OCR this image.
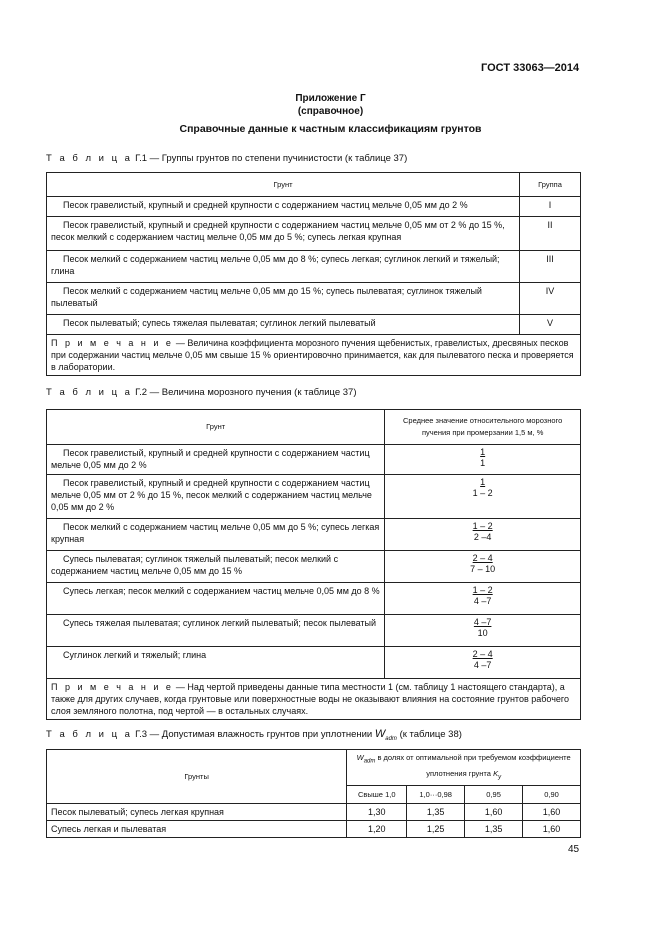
ГОСТ 33063—2014
Приложение Г
(справочное)
Справочные данные к частным классификациям грунтов
Т а б л и ц а Г.1 — Группы грунтов по степени пучинистости (к таблице 37)
Грунт	Группа
Песок гравелистый, крупный и средней крупности с содержанием частиц мельче 0,05 мм до 2 %	I
Песок гравелистый, крупный и средней крупности с содержанием частиц мельче 0,05 мм от 2 % до 15 %, песок мелкий с содержанием частиц мельче 0,05 мм до 5 %; супесь легкая крупная	II
Песок мелкий с содержанием частиц мельче 0,05 мм до 8 %; супесь легкая; суглинок легкий и тяжелый; глина	III
Песок мелкий с содержанием частиц мельче 0,05 мм до 15 %; супесь пылеватая; суглинок тяжелый пылеватый	IV
Песок пылеватый; супесь тяжелая пылеватая; суглинок легкий пылеватый	V
П р и м е ч а н и е — Величина коэффициента морозного пучения щебенистых, гравелистых, дресвяных песков при содержании частиц мельче 0,05 мм свыше 15 % ориентировочно принимается, как для пылеватого песка и проверяется в лаборатории.	
Т а б л и ц а Г.2 — Величина морозного пучения (к таблице 37)
Грунт	Среднее значение относительного морозного пучения при промерзании 1,5 м, %
Песок гравелистый, крупный и средней крупности с содержанием частиц мельче 0,05 мм до 2 %	$\frac{1}{1}$

Песок гравелистый, крупный и средней крупности с содержанием частиц мельче 0,05 мм от 2 % до 15 %, песок мелкий с содержанием частиц мельче 0,05 мм до 2 %	$\frac{1}{1 - 2}$

Песок мелкий с содержанием частиц мельче 0,05 мм до 5 %; супесь легкая крупная	$\frac{1 - 2}{2 -4}$

Супесь пылеватая; суглинок тяжелый пылеватый; песок мелкий с содержанием частиц мельче 0,05 мм до 15 %	$\frac{2 - 4}{7 - 10}$

Супесь легкая; песок мелкий с содержанием частиц мельче 0,05 мм до 8 %	$\frac{1 - 2}{4 -7}$

Супесь тяжелая пылеватая; суглинок легкий пылеватый; песок пылеватый	$\frac{4 -7}{10}$

Суглинок легкий и тяжелый; глина	$\frac{2 - 4}{4 -7}$

П р и м е ч а н и е — Над чертой приведены данные типа местности 1 (см. таблицу 1 настоящего стандарта), а также для других случаев, когда грунтовые или поверхностные воды не оказывают влияния на состояние грунтов рабочего слоя земляного полотна, под чертой — в остальных случаях.	
Т а б л и ц а Г.3 — Допустимая влажность грунтов при уплотнении $W_{adm}$ (к таблице 38)
Грунты	$W_{adm}$ в долях от оптимальной при требуемом коэффициенте уплотнения грунта $K_y$
	Свыше 1,0	1,0···0,98	0,95	0,90
Песок пылеватый; супесь легкая крупная	1,30	1,35	1,60	1,60
Супесь легкая и пылеватая	1,20	1,25	1,35	1,60
45
